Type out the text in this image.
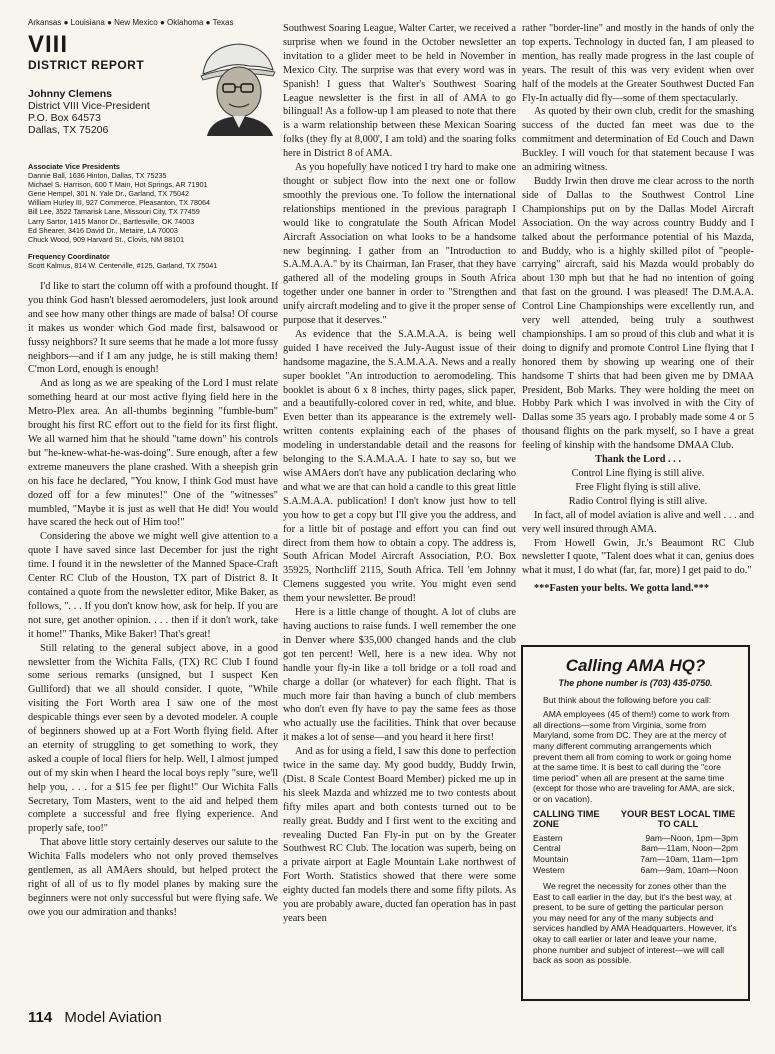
Arkansas ● Louisiana ● New Mexico ● Oklahoma ● Texas
VIII
DISTRICT REPORT
Johnny Clemens
District VIII Vice-President
P.O. Box 64573
Dallas, TX 75206
Associate Vice Presidents
Dannie Ball, 1636 Hinton, Dallas, TX 75235
Michael S. Harrison, 600 T Main, Hot Springs, AR 71901
Gene Hempel, 301 N. Yale Dr., Garland, TX 75042
William Hurley III, 927 Commerce, Pleasanton, TX 78064
Bill Lee, 3522 Tamarisk Lane, Missouri City, TX 77459
Larry Sartor, 1415 Manor Dr., Bartlesville, OK 74003
Ed Shearer, 3416 David Dr., Metaire, LA 70003
Chuck Wood, 909 Harvard St., Clovis, NM 88101
Frequency Coordinator
Scott Kalmus, 814 W. Centerville, #125, Garland, TX 75041

I'd like to start the column off with a profound thought. If you think God hasn't blessed aeromodelers, just look around and see how many other things are made of balsa! Of course it makes us wonder which God made first, balsawood or fussy neighbors? It sure seems that he made a lot more fussy neighbors—and if I am any judge, he is still making them! C'mon Lord, enough is enough!

And as long as we are speaking of the Lord I must relate something heard at our most active flying field here in the Metro-Plex area. An all-thumbs beginning "fumble-bum" brought his first RC effort out to the field for its first flight. We all warned him that he should "tame down" his controls but "he-knew-what-he-was-doing". Sure enough, after a few extreme maneuvers the plane crashed. With a sheepish grin on his face he declared, "You know, I think God must have dozed off for a few minutes!" One of the "witnesses" mumbled, "Maybe it is just as well that He did! You would have scared the heck out of Him too!"

Considering the above we might well give attention to a quote I have saved since last December for just the right time. I found it in the newsletter of the Manned Space-Craft Center RC Club of the Houston, TX part of District 8. It contained a quote from the newsletter editor, Mike Baker, as follows, ". . . If you don't know how, ask for help. If you are not sure, get another opinion. . . . then if it don't work, take it home!" Thanks, Mike Baker! That's great!

Still relating to the general subject above, in a good newsletter from the Wichita Falls, (TX) RC Club I found some serious remarks (unsigned, but I suspect Ken Gulliford) that we all should consider. I quote, "While visiting the Fort Worth area I saw one of the most despicable things ever seen by a devoted modeler. A couple of beginners showed up at a Fort Worth flying field. After an eternity of struggling to get something to work, they asked a couple of local fliers for help. Well, I almost jumped out of my skin when I heard the local boys reply "sure, we'll help you, . . . for a $15 fee per flight!" Our Wichita Falls Secretary, Tom Masters, went to the aid and helped them complete a successful and free flying experience. And properly safe, too!"

That above little story certainly deserves our salute to the Wichita Falls modelers who not only proved themselves gentlemen, as all AMAers should, but helped protect the right of all of us to fly model planes by making sure the beginners were not only successful but were flying safe. We owe you our admiration and thanks!

Southwest Soaring League, Walter Carter, we received a surprise when we found in the October newsletter an invitation to a glider meet to be held in November in Mexico City. The surprise was that every word was in Spanish! I guess that Walter's Southwest Soaring League newsletter is the first in all of AMA to go bilingual! As a follow-up I am pleased to note that there is a warm relationship between these Mexican Soaring folks (they fly at 8,000', I am told) and the soaring folks here in District 8 of AMA.

As you hopefully have noticed I try hard to make one thought or subject flow into the next one or follow smoothly the previous one. To follow the international relationships mentioned in the previous paragraph I would like to congratulate the South African Model Aircraft Association on what looks to be a handsome new beginning. I gather from an "Introduction to S.A.M.A.A." by its Chairman, Ian Fraser, that they have gathered all of the modeling groups in South Africa together under one banner in order to "Strengthen and unify aircraft modeling and to give it the proper sense of purpose that it deserves."

As evidence that the S.A.M.A.A. is being well guided I have received the July-August issue of their handsome magazine, the S.A.M.A.A. News and a really super booklet "An introduction to aeromodeling. This booklet is about 6 x 8 inches, thirty pages, slick paper, and a beautifully-colored cover in red, white, and blue. Even better than its appearance is the extremely well-written contents explaining each of the phases of modeling in understandable detail and the reasons for belonging to the S.A.M.A.A. I hate to say so, but we wise AMAers don't have any publication declaring who and what we are that can hold a candle to this great little S.A.M.A.A. publication! I don't know just how to tell you how to get a copy but I'll give you the address, and for a little bit of postage and effort you can find out direct from them how to obtain a copy. The address is, South African Model Aircraft Association, P.O. Box 35925, Northcliff 2115, South Africa. Tell 'em Johnny Clemens suggested you write. You might even send them your newsletter. Be proud!

Here is a little change of thought. A lot of clubs are having auctions to raise funds. I well remember the one in Denver where $35,000 changed hands and the club got ten percent! Well, here is a new idea. Why not handle your fly-in like a toll bridge or a toll road and charge a dollar (or whatever) for each flight. That is much more fair than having a bunch of club members who don't even fly have to pay the same fees as those who actually use the facilities. Think that over because it makes a lot of sense—and you heard it here first!

And as for using a field, I saw this done to perfection twice in the same day. My good buddy, Buddy Irwin, (Dist. 8 Scale Contest Board Member) picked me up in his sleek Mazda and whizzed me to two contests about fifty miles apart and both contests turned out to be really great. Buddy and I first went to the exciting and revealing Ducted Fan Fly-in put on by the Greater Southwest RC Club. The location was superb, being on a private airport at Eagle Mountain Lake northwest of Fort Worth. Statistics showed that there were some eighty ducted fan models there and some fifty pilots. As you are probably aware, ducted fan operation has in past years been

rather "border-line" and mostly in the hands of only the top experts. Technology in ducted fan, I am pleased to mention, has really made progress in the last couple of years. The result of this was very evident when over half of the models at the Greater Southwest Ducted Fan Fly-In actually did fly—some of them spectacularly.

As quoted by their own club, credit for the smashing success of the ducted fan meet was due to the commitment and determination of Ed Couch and Dawn Buckley. I will vouch for that statement because I was an admiring witness.

Buddy Irwin then drove me clear across to the north side of Dallas to the Southwest Control Line Championships put on by the Dallas Model Aircraft Association. On the way across country Buddy and I talked about the performance potential of his Mazda, and Buddy, who is a highly skilled pilot of "people-carrying" aircraft, said his Mazda would probably do about 130 mph but that he had no intention of going that fast on the ground. I was pleased! The D.M.A.A. Control Line Championships were excellently run, and very well attended, being truly a southwest championships. I am so proud of this club and what it is doing to dignify and promote Control Line flying that I honored them by showing up wearing one of their handsome T shirts that had been given me by DMAA President, Bob Marks. They were holding the meet on Hobby Park which I was involved in with the City of Dallas some 35 years ago. I probably made some 4 or 5 thousand flights on the park myself, so I have a great feeling of kinship with the handsome DMAA Club.

Thank the Lord . . .

Control Line flying is still alive.

Free Flight flying is still alive.

Radio Control flying is still alive.

In fact, all of model aviation is alive and well . . . and very well insured through AMA.

From Howell Gwin, Jr.'s Beaumont RC Club newsletter I quote, "Talent does what it can, genius does what it must, I do what (far, far, more) I get paid to do."

***Fasten your belts. We gotta land.***

Calling AMA HQ?
The phone number is (703) 435-0750.

But think about the following before you call:

AMA employees (45 of them!) come to work from all directions—some from Virginia, some from Maryland, some from DC. They are at the mercy of many different commuting arrangements which prevent them all from coming to work or going home at the same time. It is best to call during the "core time period" when all are present at the same time (except for those who are traveling for AMA, are sick, or on vacation).

CALLING TIME ZONE
YOUR BEST LOCAL TIME TO CALL
Eastern	9am—Noon, 1pm—3pm
Central	8am—11am, Noon—2pm
Mountain	7am—10am, 11am—1pm
Western	6am—9am, 10am—Noon

We regret the necessity for zones other than the East to call earlier in the day, but it's the best way, at present, to be sure of getting the particular person you may need for any of the many subjects and services handled by AMA Headquarters. However, it's okay to call earlier or later and leave your name, phone number and subject of interest—we will call back as soon as possible.

114 Model Aviation
